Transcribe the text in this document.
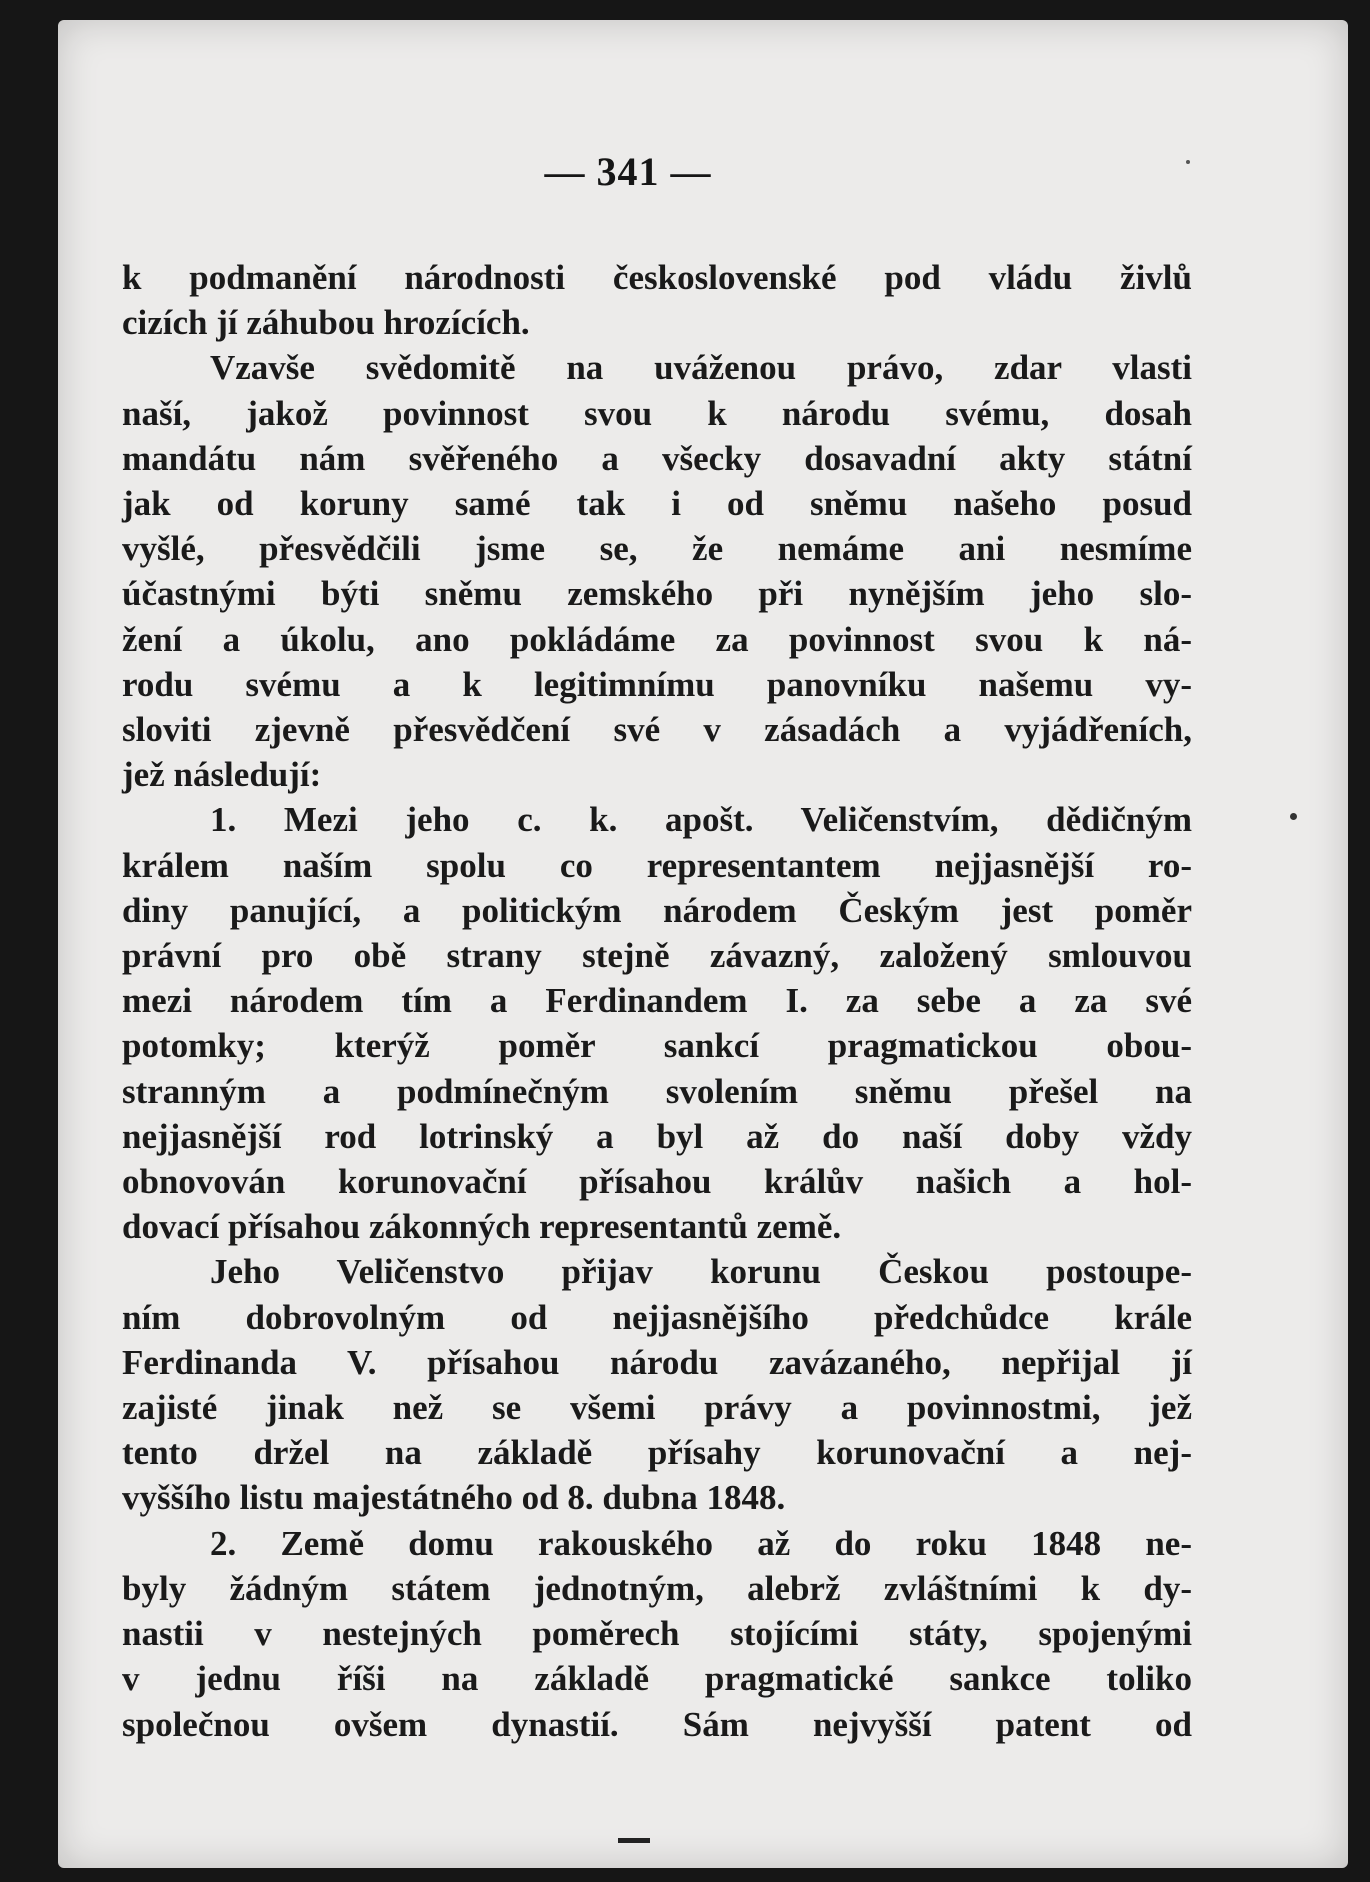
— 341 —
k podmanění národnosti československé pod vládu živlů
cizích jí záhubou hrozících.
Vzavše svědomitě na uváženou právo, zdar vlasti
naší, jakož povinnost svou k národu svému, dosah
mandátu nám svěřeného a všecky dosavadní akty státní
jak od koruny samé tak i od sněmu našeho posud
vyšlé, přesvědčili jsme se, že nemáme ani nesmíme
účastnými býti sněmu zemského při nynějším jeho slo-
žení a úkolu, ano pokládáme za povinnost svou k ná-
rodu svému a k legitimnímu panovníku našemu vy-
sloviti zjevně přesvědčení své v zásadách a vyjádřeních,
jež následují:
1. Mezi jeho c. k. apošt. Veličenstvím, dědičným
králem naším spolu co representantem nejjasnější ro-
diny panující, a politickým národem Českým jest poměr
právní pro obě strany stejně závazný, založený smlouvou
mezi národem tím a Ferdinandem I. za sebe a za své
potomky; kterýž poměr sankcí pragmatickou obou-
stranným a podmínečným svolením sněmu přešel na
nejjasnější rod lotrinský a byl až do naší doby vždy
obnovován korunovační přísahou králův našich a hol-
dovací přísahou zákonných representantů země.
Jeho Veličenstvo přijav korunu Českou postoupe-
ním dobrovolným od nejjasnějšího předchůdce krále
Ferdinanda V. přísahou národu zavázaného, nepřijal jí
zajisté jinak než se všemi právy a povinnostmi, jež
tento držel na základě přísahy korunovační a nej-
vyššího listu majestátného od 8. dubna 1848.
2. Země domu rakouského až do roku 1848 ne-
byly žádným státem jednotným, alebrž zvláštními k dy-
nastii v nestejných poměrech stojícími státy, spojenými
v jednu říši na základě pragmatické sankce toliko
společnou ovšem dynastií. Sám nejvyšší patent od
